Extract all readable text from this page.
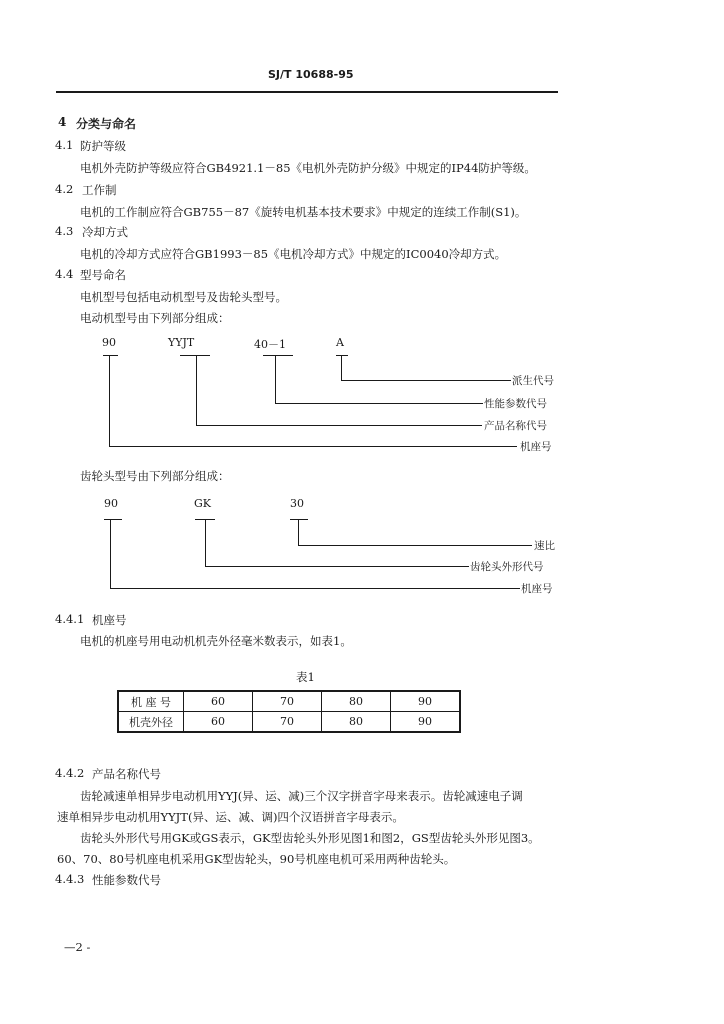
SJ/T 10688-95
4 分类与命名
4.1 防护等级
电机外壳防护等级应符合GB4921.1－85《电机外壳防护分级》中规定的IP44防护等级。
4.2 工作制
电机的工作制应符合GB755－87《旋转电机基本技术要求》中规定的连续工作制(S1)。
4.3 冷却方式
电机的冷却方式应符合GB1993－85《电机冷却方式》中规定的IC0040冷却方式。
4.4 型号命名
电机型号包括电动机型号及齿轮头型号。
电动机型号由下列部分组成：
90	YYJT	40－1	A
派生代号
性能参数代号
产品名称代号
机座号
齿轮头型号由下列部分组成：
90	GK	30
速比
齿轮头外形代号
机座号
4.4.1 机座号
电机的机座号用电动机机壳外径毫米数表示，如表1。
表1
机 座 号	60	70	80	90
机壳外径	60	70	80	90
4.4.2 产品名称代号
齿轮减速单相异步电动机用YYJ(异、运、减)三个汉字拼音字母来表示。齿轮减速电子调
速单相异步电动机用YYJT(异、运、减、调)四个汉语拼音字母表示。
齿轮头外形代号用GK或GS表示，GK型齿轮头外形见图1和图2，GS型齿轮头外形见图3。
60、70、80号机座电机采用GK型齿轮头，90号机座电机可采用两种齿轮头。
4.4.3 性能参数代号
—2 -
